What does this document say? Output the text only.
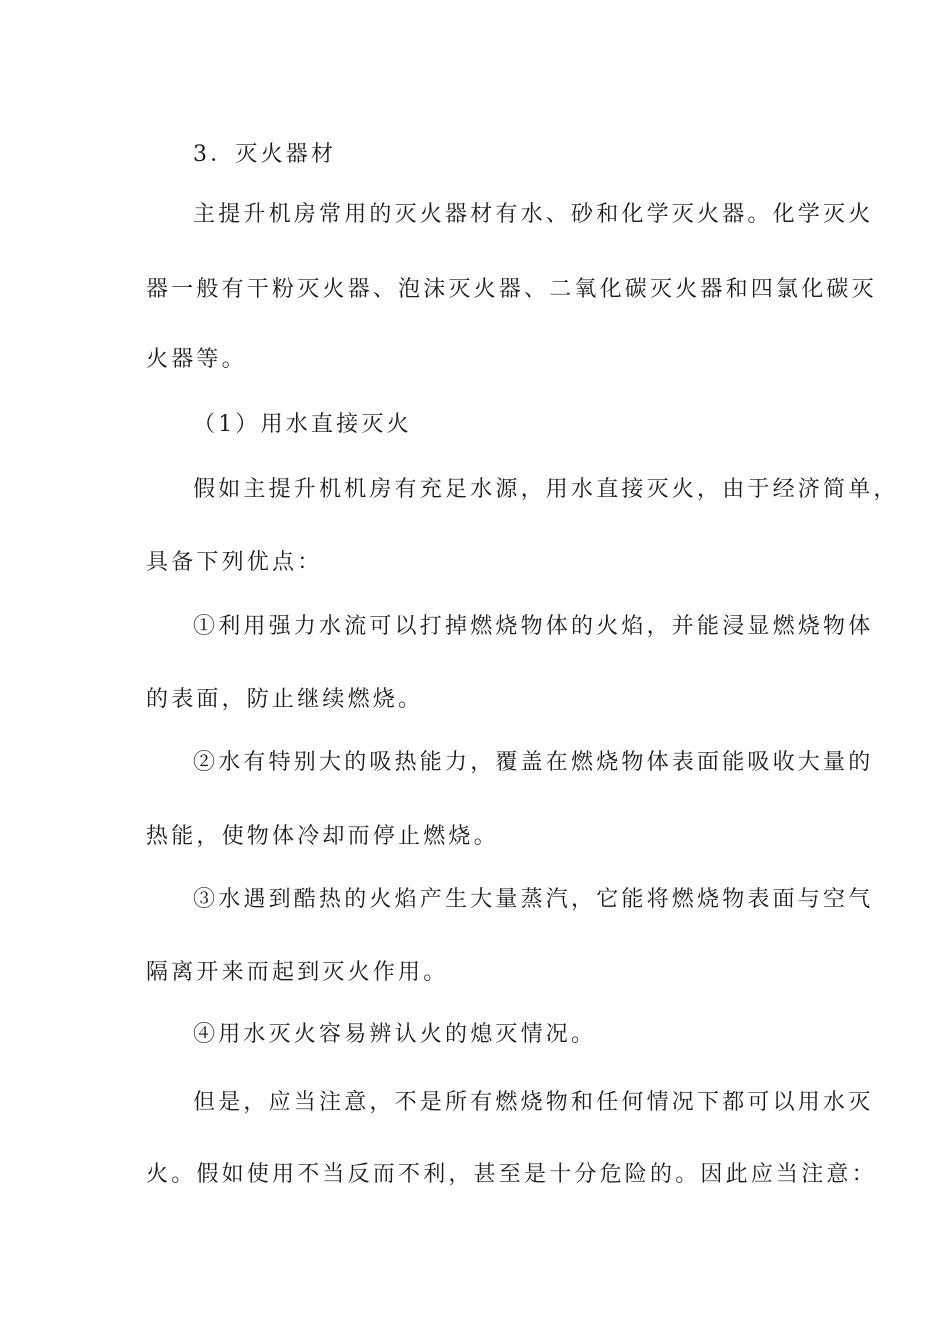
3．灭火器材
主提升机房常用的灭火器材有水、砂和化学灭火器。化学灭火
器一般有干粉灭火器、泡沫灭火器、二氧化碳灭火器和四氯化碳灭
火器等。
（1）用水直接灭火
假如主提升机机房有充足水源，用水直接灭火，由于经济简单，
具备下列优点：
①利用强力水流可以打掉燃烧物体的火焰，并能浸显燃烧物体
的表面，防止继续燃烧。
②水有特别大的吸热能力，覆盖在燃烧物体表面能吸收大量的
热能，使物体冷却而停止燃烧。
③水遇到酷热的火焰产生大量蒸汽，它能将燃烧物表面与空气
隔离开来而起到灭火作用。
④用水灭火容易辨认火的熄灭情况。
但是，应当注意，不是所有燃烧物和任何情况下都可以用水灭
火。假如使用不当反而不利，甚至是十分危险的。因此应当注意：
